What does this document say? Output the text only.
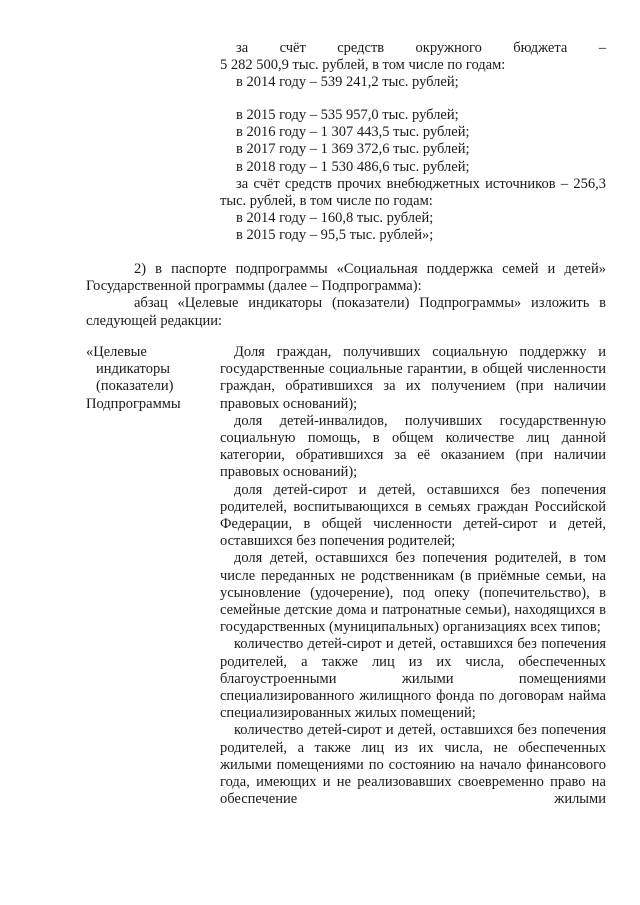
за счёт средств окружного бюджета –

5 282 500,9 тыс. рублей, в том числе по годам:

в 2014 году – 539 241,2 тыс. рублей;

в 2015 году – 535 957,0 тыс. рублей;

в 2016 году – 1 307 443,5 тыс. рублей;

в 2017 году – 1 369 372,6 тыс. рублей;

в 2018 году – 1 530 486,6 тыс. рублей;

за счёт средств прочих внебюджетных источников – 256,3 тыс. рублей, в том числе по годам:

в 2014 году – 160,8 тыс. рублей;

в 2015 году – 95,5 тыс. рублей»;

2) в паспорте подпрограммы «Социальная поддержка семей и детей» Государственной программы (далее – Подпрограмма):

абзац «Целевые индикаторы (показатели) Подпрограммы» изложить в следующей редакции:

«Целевые

индикаторы

(показатели)

Подпрограммы

Доля граждан, получивших социальную поддержку и государственные социальные гарантии, в общей численности граждан, обратившихся за их получением (при наличии правовых оснований);

доля детей-инвалидов, получивших государственную социальную помощь, в общем количестве лиц данной категории, обратившихся за её оказанием (при наличии правовых оснований);

доля детей-сирот и детей, оставшихся без попечения родителей, воспитывающихся в семьях граждан Российской Федерации, в общей численности детей-сирот и детей, оставшихся без попечения родителей;

доля детей, оставшихся без попечения родителей, в том числе переданных не родственникам (в приёмные семьи, на усыновление (удочерение), под опеку (попечительство), в семейные детские дома и патронатные семьи), находящихся в государственных (муниципальных) организациях всех типов;

количество детей-сирот и детей, оставшихся без попечения родителей, а также лиц из их числа, обеспеченных благоустроенными жилыми помещениями специализированного жилищного фонда по договорам найма специализированных жилых помещений;

количество детей-сирот и детей, оставшихся без попечения родителей, а также лиц из их числа, не обеспеченных жилыми помещениями по состоянию на начало финансового года, имеющих и не реализовавших своевременно право на обеспечение жилыми
